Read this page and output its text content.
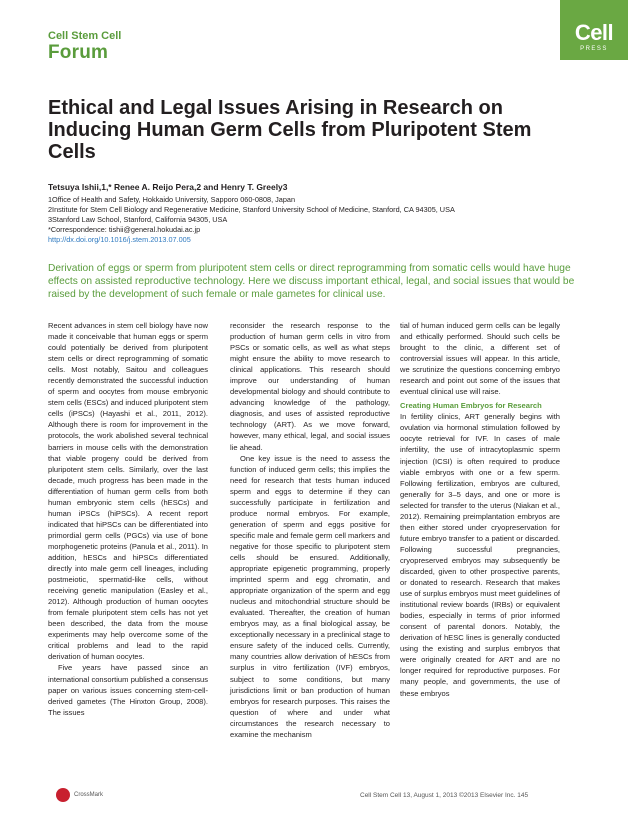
Cell Stem Cell
Forum
Cell
PRESS
Ethical and Legal Issues Arising in Research on Inducing Human Germ Cells from Pluripotent Stem Cells
Tetsuya Ishii,1,* Renee A. Reijo Pera,2 and Henry T. Greely3
1Office of Health and Safety, Hokkaido University, Sapporo 060-0808, Japan
2Institute for Stem Cell Biology and Regenerative Medicine, Stanford University School of Medicine, Stanford, CA 94305, USA
3Stanford Law School, Stanford, California 94305, USA
*Correspondence: tishii@general.hokudai.ac.jp
http://dx.doi.org/10.1016/j.stem.2013.07.005
Derivation of eggs or sperm from pluripotent stem cells or direct reprogramming from somatic cells would have huge effects on assisted reproductive technology. Here we discuss important ethical, legal, and social issues that would be raised by the development of such female or male gametes for clinical use.

Recent advances in stem cell biology have now made it conceivable that human eggs or sperm could potentially be derived from pluripotent stem cells or direct reprogramming of somatic cells. Most notably, Saitou and colleagues recently demonstrated the successful induction of sperm and oocytes from mouse embryonic stem cells (ESCs) and induced pluripotent stem cells (iPSCs) (Hayashi et al., 2011, 2012). Although there is room for improvement in the protocols, the work abolished several technical barriers in mouse cells with the demonstration that viable progeny could be derived from pluripotent stem cells. Similarly, over the last decade, much progress has been made in the differentiation of human germ cells from both human embryonic stem cells (hESCs) and human iPSCs (hiPSCs). A recent report indicated that hiPSCs can be differentiated into primordial germ cells (PGCs) via use of bone morphogenetic proteins (Panula et al., 2011). In addition, hESCs and hiPSCs differentiated directly into male germ cell lineages, including postmeiotic, spermatid-like cells, without receiving genetic manipulation (Easley et al., 2012). Although production of human oocytes from female pluripotent stem cells has not yet been described, the data from the mouse experiments may help overcome some of the critical problems and lead to the rapid derivation of human oocytes.

Five years have passed since an international consortium published a consensus paper on various issues concerning stem-cell-derived gametes (The Hinxton Group, 2008). The issues

reconsider the research response to the production of human germ cells in vitro from PSCs or somatic cells, as well as what steps might ensure the ability to move research to clinical applications. This research should improve our understanding of human developmental biology and should contribute to advancing knowledge of the pathology, diagnosis, and uses of assisted reproductive technology (ART). As we move forward, however, many ethical, legal, and social issues lie ahead.

One key issue is the need to assess the function of induced germ cells; this implies the need for research that tests human induced sperm and eggs to determine if they can successfully participate in fertilization and produce normal embryos. For example, generation of sperm and eggs positive for specific male and female germ cell markers and negative for those specific to pluripotent stem cells should be ensured. Additionally, appropriate epigenetic programming, properly imprinted sperm and egg chromatin, and appropriate organization of the sperm and egg nucleus and mitochondrial structure should be evaluated. Thereafter, the creation of human embryos may, as a final biological assay, be exceptionally necessary in a preclinical stage to ensure safety of the induced cells. Currently, many countries allow derivation of hESCs from surplus in vitro fertilization (IVF) embryos, subject to some conditions, but many jurisdictions limit or ban production of human embryos for research purposes. This raises the question of where and under what circumstances the research necessary to examine the mechanism

tial of human induced germ cells can be legally and ethically performed. Should such cells be brought to the clinic, a different set of controversial issues will appear. In this article, we scrutinize the questions concerning embryo research and point out some of the issues that eventual clinical use will raise.

Creating Human Embryos for Research

In fertility clinics, ART generally begins with ovulation via hormonal stimulation followed by oocyte retrieval for IVF. In cases of male infertility, the use of intracytoplasmic sperm injection (ICSI) is often required to produce viable embryos with one or a few sperm. Following fertilization, embryos are cultured, generally for 3–5 days, and one or more is selected for transfer to the uterus (Niakan et al., 2012). Remaining preimplantation embryos are then either stored under cryopreservation for future embryo transfer to a patient or discarded. Following successful pregnancies, cryopreserved embryos may subsequently be discarded, given to other prospective parents, or donated to research. Research that makes use of surplus embryos must meet guidelines of institutional review boards (IRBs) or equivalent bodies, especially in terms of prior informed consent of parental donors. Notably, the derivation of hESC lines is generally conducted using the existing and surplus embryos that were originally created for ART and are no longer required for reproductive purposes. For many people, and governments, the use of these embryos

CrossMark	Cell Stem Cell 13, August 1, 2013 ©2013 Elsevier Inc. 145
